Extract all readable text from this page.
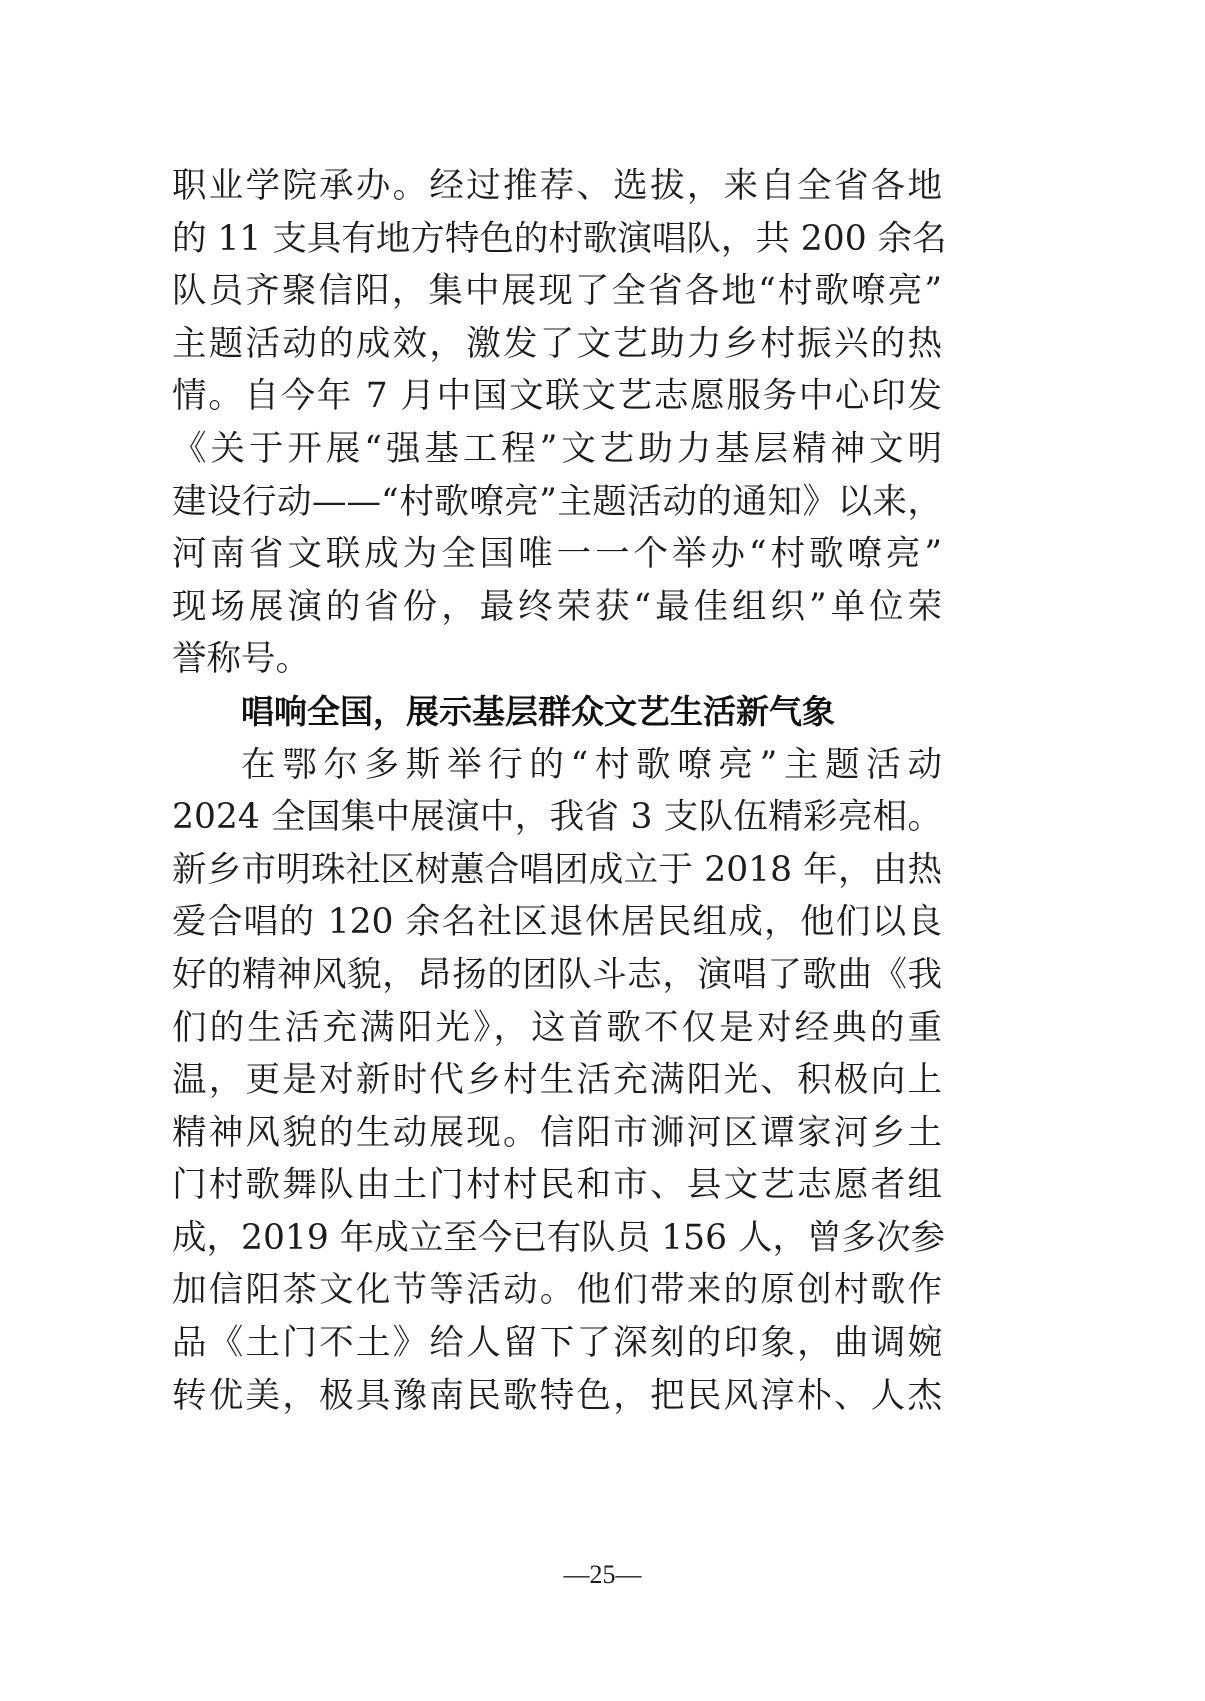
职业学院承办。经过推荐、选拔，来自全省各地
的 11 支具有地方特色的村歌演唱队，共 200 余名
队员齐聚信阳，集中展现了全省各地“村歌嘹亮”
主题活动的成效，激发了文艺助力乡村振兴的热
情。自今年 7 月中国文联文艺志愿服务中心印发
《关于开展“强基工程”文艺助力基层精神文明
建设行动——“村歌嘹亮”主题活动的通知》以来，
河南省文联成为全国唯一一个举办“村歌嘹亮”
现场展演的省份，最终荣获“最佳组织”单位荣
誉称号。
唱响全国，展示基层群众文艺生活新气象
在鄂尔多斯举行的“村歌嘹亮”主题活动
2024 全国集中展演中，我省 3 支队伍精彩亮相。
新乡市明珠社区树蕙合唱团成立于 2018 年，由热
爱合唱的 120 余名社区退休居民组成，他们以良
好的精神风貌，昂扬的团队斗志，演唱了歌曲《我
们的生活充满阳光》，这首歌不仅是对经典的重
温，更是对新时代乡村生活充满阳光、积极向上
精神风貌的生动展现。信阳市浉河区谭家河乡土
门村歌舞队由土门村村民和市、县文艺志愿者组
成，2019 年成立至今已有队员 156 人，曾多次参
加信阳茶文化节等活动。他们带来的原创村歌作
品《土门不土》给人留下了深刻的印象，曲调婉
转优美，极具豫南民歌特色，把民风淳朴、人杰
—25—
